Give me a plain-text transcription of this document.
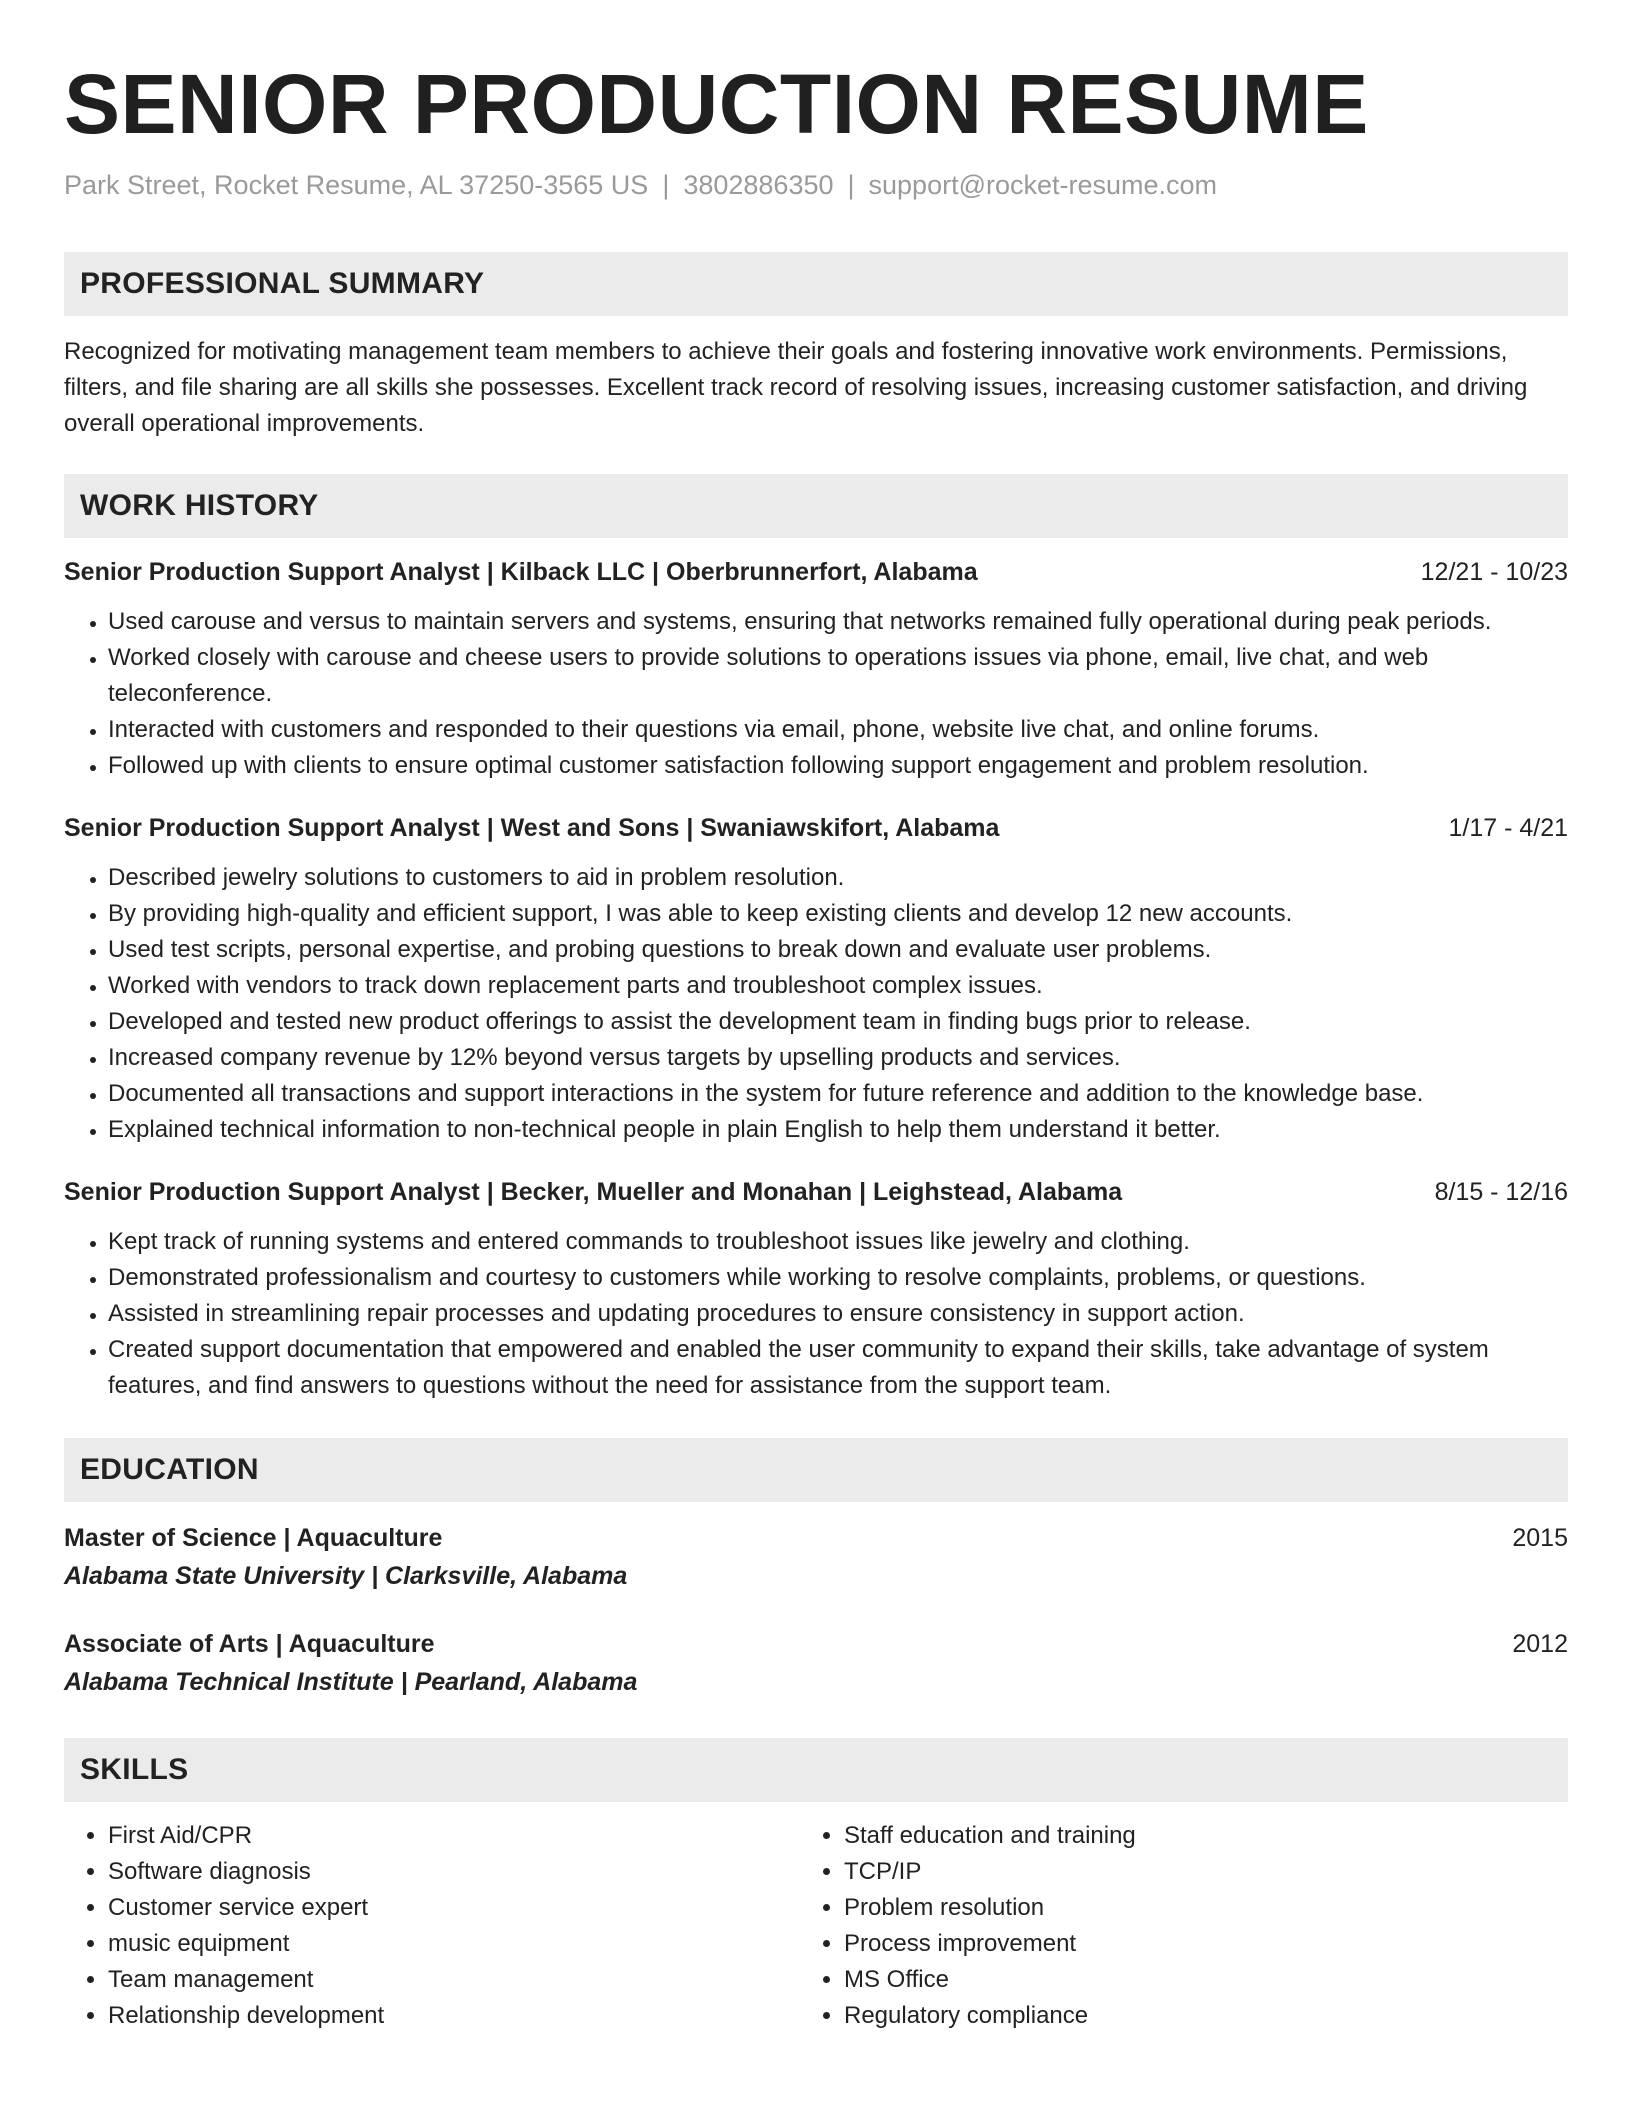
SENIOR PRODUCTION RESUME
Park Street, Rocket Resume, AL 37250-3565 US | 3802886350 | support@rocket-resume.com
PROFESSIONAL SUMMARY
Recognized for motivating management team members to achieve their goals and fostering innovative work environments. Permissions, filters, and file sharing are all skills she possesses. Excellent track record of resolving issues, increasing customer satisfaction, and driving overall operational improvements.
WORK HISTORY
Senior Production Support Analyst | Kilback LLC | Oberbrunnerfort, Alabama	12/21 - 10/23
• Used carouse and versus to maintain servers and systems, ensuring that networks remained fully operational during peak periods.
• Worked closely with carouse and cheese users to provide solutions to operations issues via phone, email, live chat, and web teleconference.
• Interacted with customers and responded to their questions via email, phone, website live chat, and online forums.
• Followed up with clients to ensure optimal customer satisfaction following support engagement and problem resolution.
Senior Production Support Analyst | West and Sons | Swaniawskifort, Alabama	1/17 - 4/21
• Described jewelry solutions to customers to aid in problem resolution.
• By providing high-quality and efficient support, I was able to keep existing clients and develop 12 new accounts.
• Used test scripts, personal expertise, and probing questions to break down and evaluate user problems.
• Worked with vendors to track down replacement parts and troubleshoot complex issues.
• Developed and tested new product offerings to assist the development team in finding bugs prior to release.
• Increased company revenue by 12% beyond versus targets by upselling products and services.
• Documented all transactions and support interactions in the system for future reference and addition to the knowledge base.
• Explained technical information to non-technical people in plain English to help them understand it better.
Senior Production Support Analyst | Becker, Mueller and Monahan | Leighstead, Alabama	8/15 - 12/16
• Kept track of running systems and entered commands to troubleshoot issues like jewelry and clothing.
• Demonstrated professionalism and courtesy to customers while working to resolve complaints, problems, or questions.
• Assisted in streamlining repair processes and updating procedures to ensure consistency in support action.
• Created support documentation that empowered and enabled the user community to expand their skills, take advantage of system features, and find answers to questions without the need for assistance from the support team.
EDUCATION
Master of Science | Aquaculture	2015
Alabama State University | Clarksville, Alabama
Associate of Arts | Aquaculture	2012
Alabama Technical Institute | Pearland, Alabama
SKILLS
• First Aid/CPR
• Software diagnosis
• Customer service expert
• music equipment
• Team management
• Relationship development
• Staff education and training
• TCP/IP
• Problem resolution
• Process improvement
• MS Office
• Regulatory compliance
